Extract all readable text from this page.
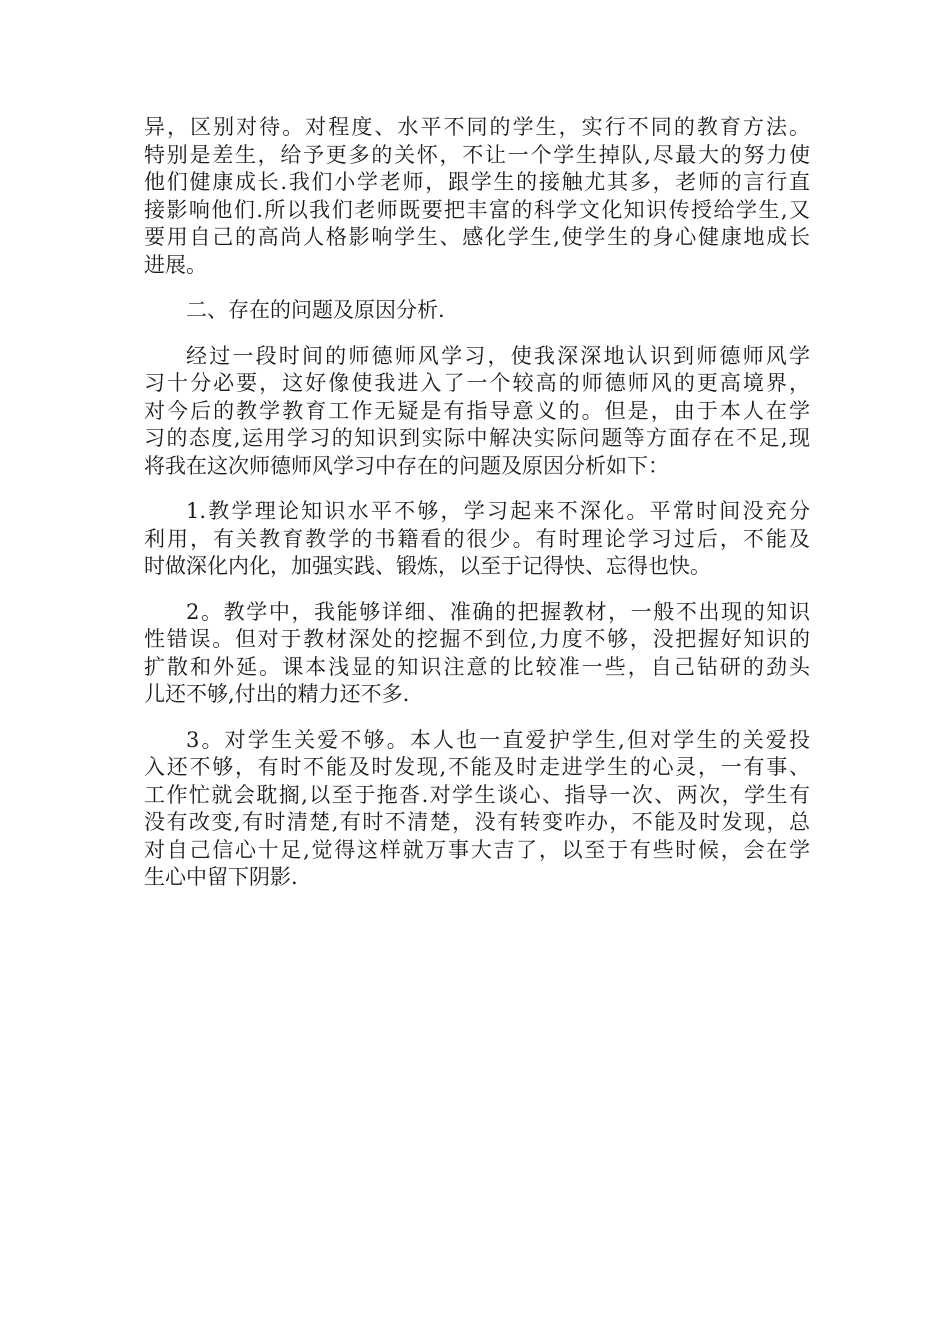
异，区别对待。对程度、水平不同的学生，实行不同的教育方法。
特别是差生，给予更多的关怀，不让一个学生掉队,尽最大的努力使
他们健康成长.我们小学老师，跟学生的接触尤其多，老师的言行直
接影响他们.所以我们老师既要把丰富的科学文化知识传授给学生,又
要用自己的高尚人格影响学生、感化学生,使学生的身心健康地成长
进展。
二、存在的问题及原因分析.
经过一段时间的师德师风学习，使我深深地认识到师德师风学
习十分必要，这好像使我进入了一个较高的师德师风的更高境界，
对今后的教学教育工作无疑是有指导意义的。但是，由于本人在学
习的态度,运用学习的知识到实际中解决实际问题等方面存在不足,现
将我在这次师德师风学习中存在的问题及原因分析如下：
1.教学理论知识水平不够，学习起来不深化。平常时间没充分
利用，有关教育教学的书籍看的很少。有时理论学习过后，不能及
时做深化内化，加强实践、锻炼，以至于记得快、忘得也快。
2。教学中，我能够详细、准确的把握教材，一般不出现的知识
性错误。但对于教材深处的挖掘不到位,力度不够，没把握好知识的
扩散和外延。课本浅显的知识注意的比较准一些，自己钻研的劲头
儿还不够,付出的精力还不多.
3。对学生关爱不够。本人也一直爱护学生,但对学生的关爱投
入还不够，有时不能及时发现,不能及时走进学生的心灵，一有事、
工作忙就会耽搁,以至于拖沓.对学生谈心、指导一次、两次，学生有
没有改变,有时清楚,有时不清楚，没有转变咋办，不能及时发现，总
对自己信心十足,觉得这样就万事大吉了，以至于有些时候，会在学
生心中留下阴影.
